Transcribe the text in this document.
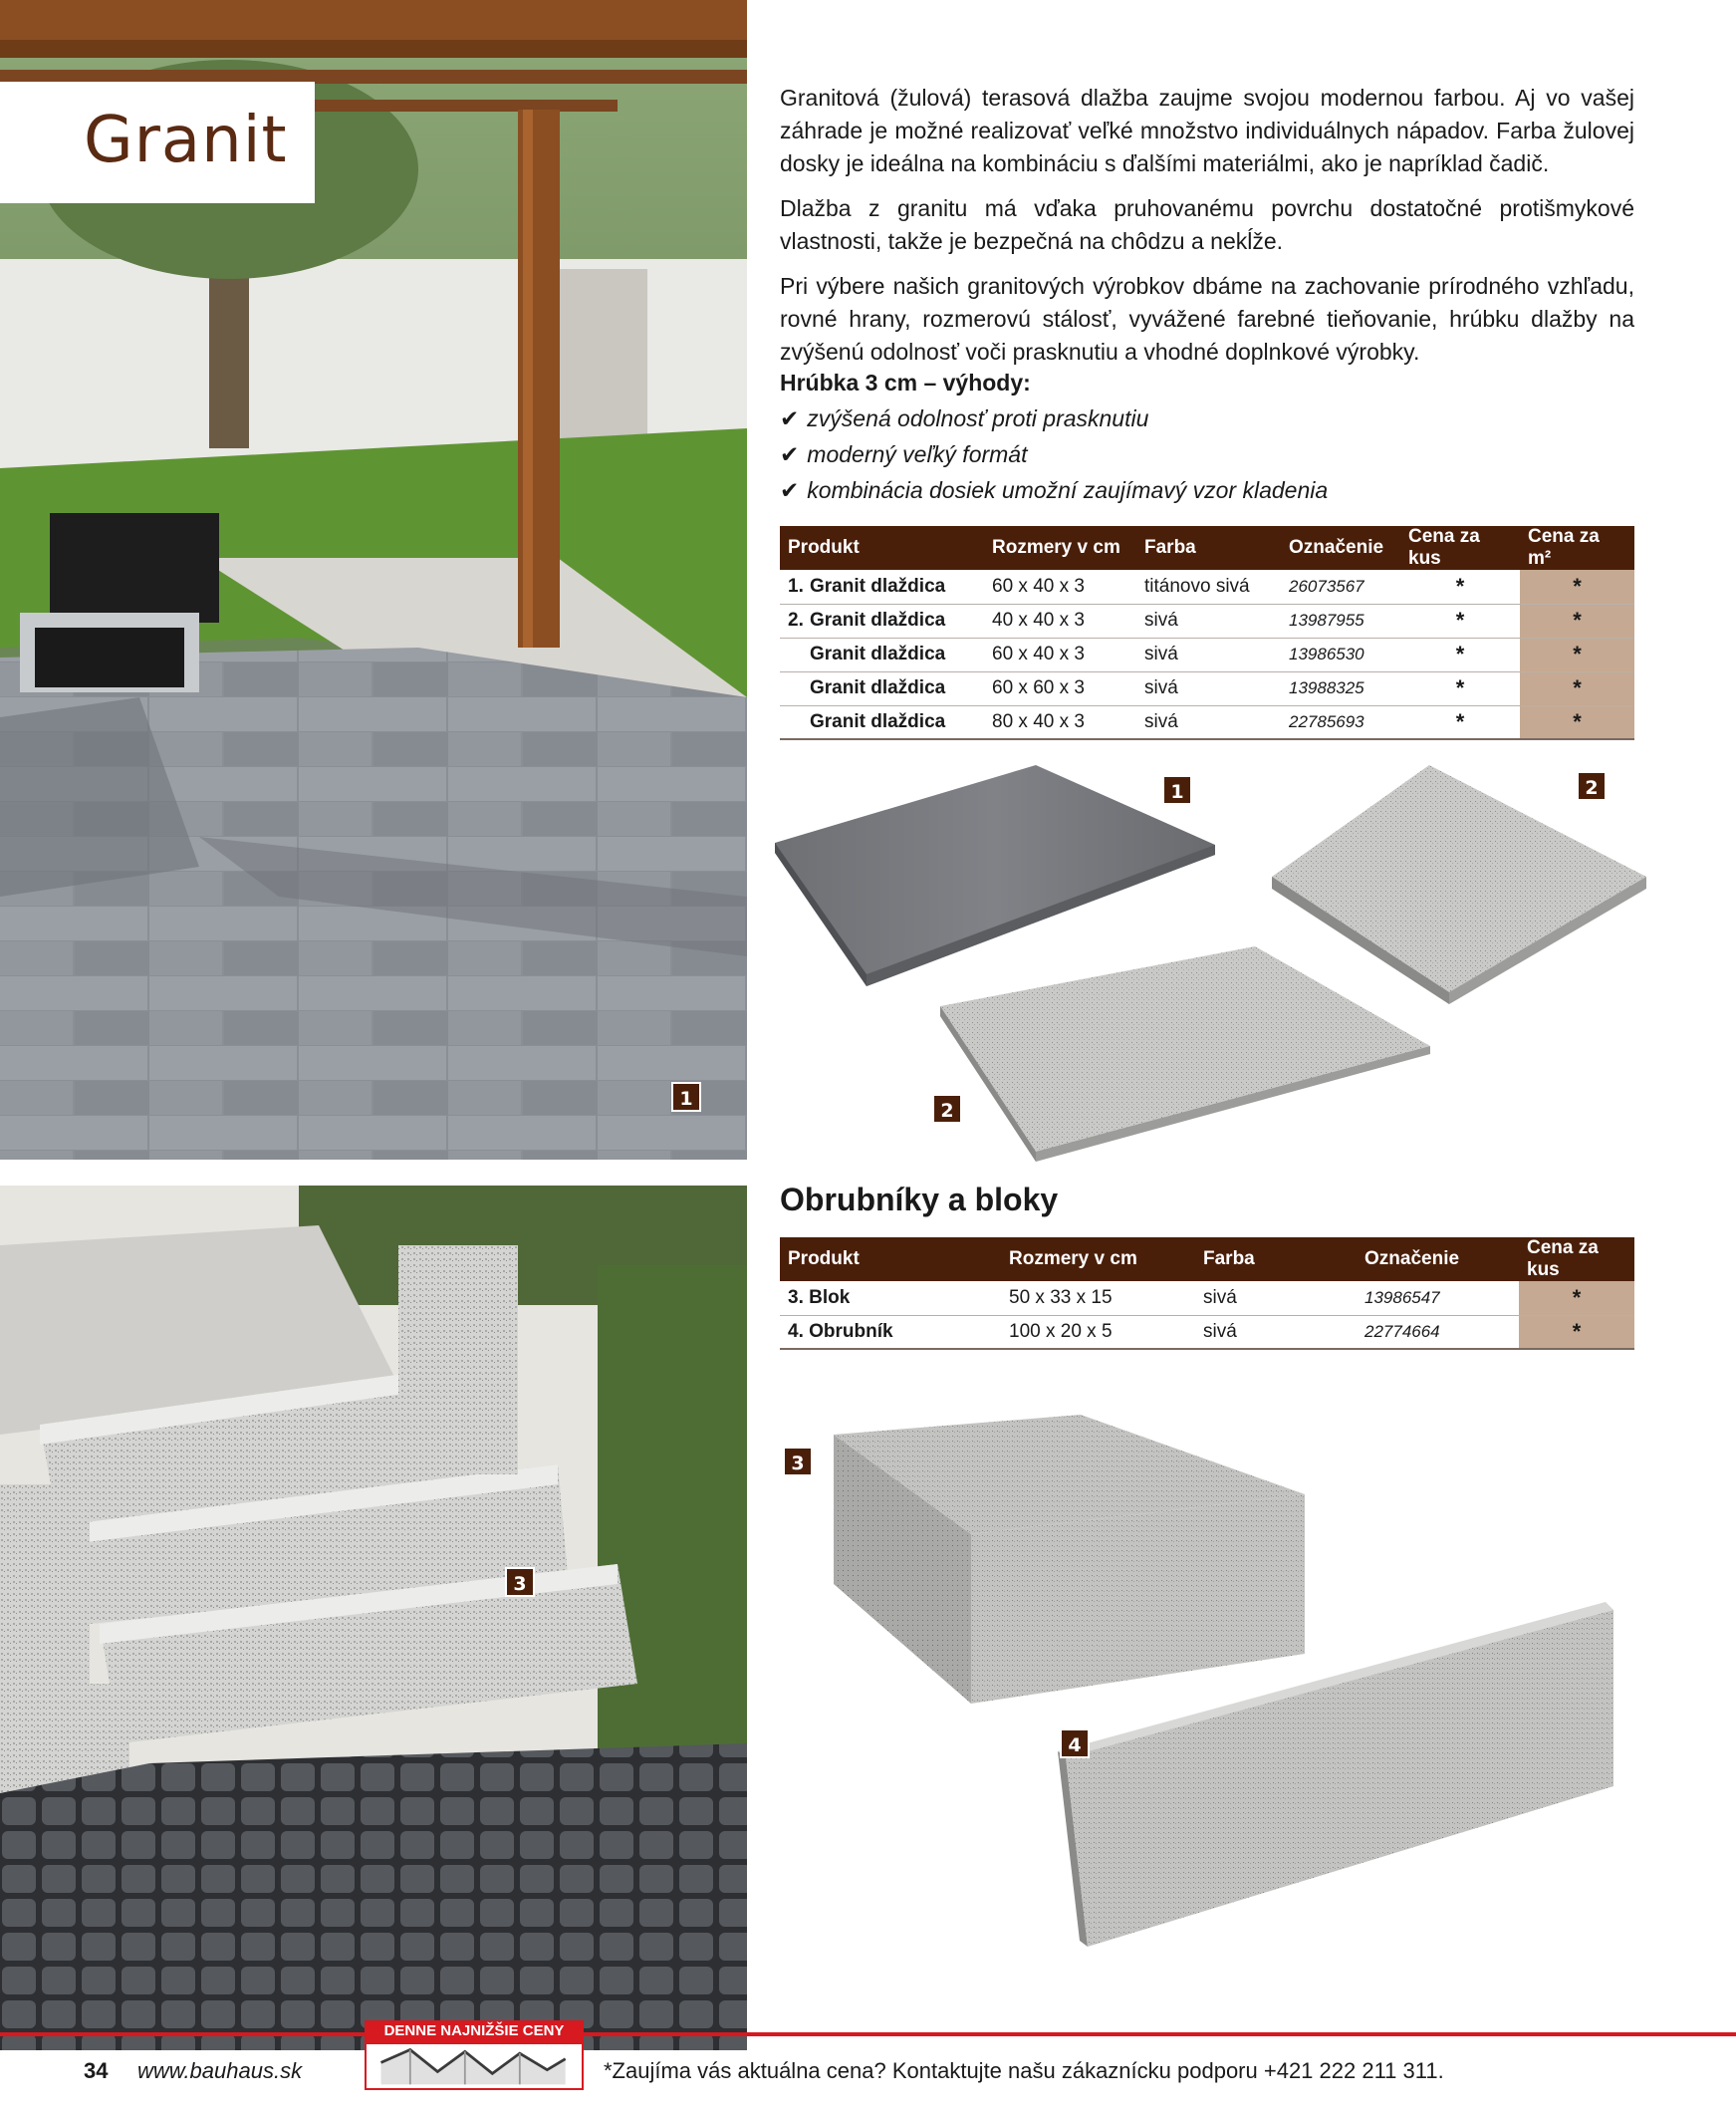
Granit
1
3

Granitová (žulová) terasová dlažba zaujme svojou modernou farbou. Aj vo vašej záhrade je možné realizovať veľké množstvo individuálnych nápadov. Farba žulovej dosky je ideálna na kombináciu s ďalšími materiálmi, ako je napríklad čadič.

Dlažba z granitu má vďaka pruhovanému povrchu dostatočné protišmykové vlastnosti, takže je bezpečná na chôdzu a nekĺže.

Pri výbere našich granitových výrobkov dbáme na zachovanie prírodného vzhľadu, rovné hrany, rozmerovú stálosť, vyvážené farebné tieňovanie, hrúbku dlažby na zvýšenú odolnosť voči prasknutiu a vhodné doplnkové výrobky.

Hrúbka 3 cm – výhody:
✔ zvýšená odolnosť proti prasknutiu
✔ moderný veľký formát
✔ kombinácia dosiek umožní zaujímavý vzor kladenia
Produkt	Rozmery v cm	Farba	Označenie	Cena za kus	Cena za m²
1. Granit dlaždica	60 x 40 x 3	titánovo sivá	26073567	*	*
2. Granit dlaždica	40 x 40 x 3	sivá	13987955	*	*
Granit dlaždica	60 x 40 x 3	sivá	13986530	*	*
Granit dlaždica	60 x 60 x 3	sivá	13988325	*	*
Granit dlaždica	80 x 40 x 3	sivá	22785693	*	*
1	2
2
Obrubníky a bloky
Produkt	Rozmery v cm	Farba	Označenie	Cena za kus
3. Blok	50 x 33 x 15	sivá	13986547	*
4. Obrubník	100 x 20 x 5	sivá	22774664	*
3
4
34 www.bauhaus.sk
DENNE NAJNIŽŠIE CENY
*Zaujíma vás aktuálna cena? Kontaktujte našu zákaznícku podporu +421 222 211 311.
